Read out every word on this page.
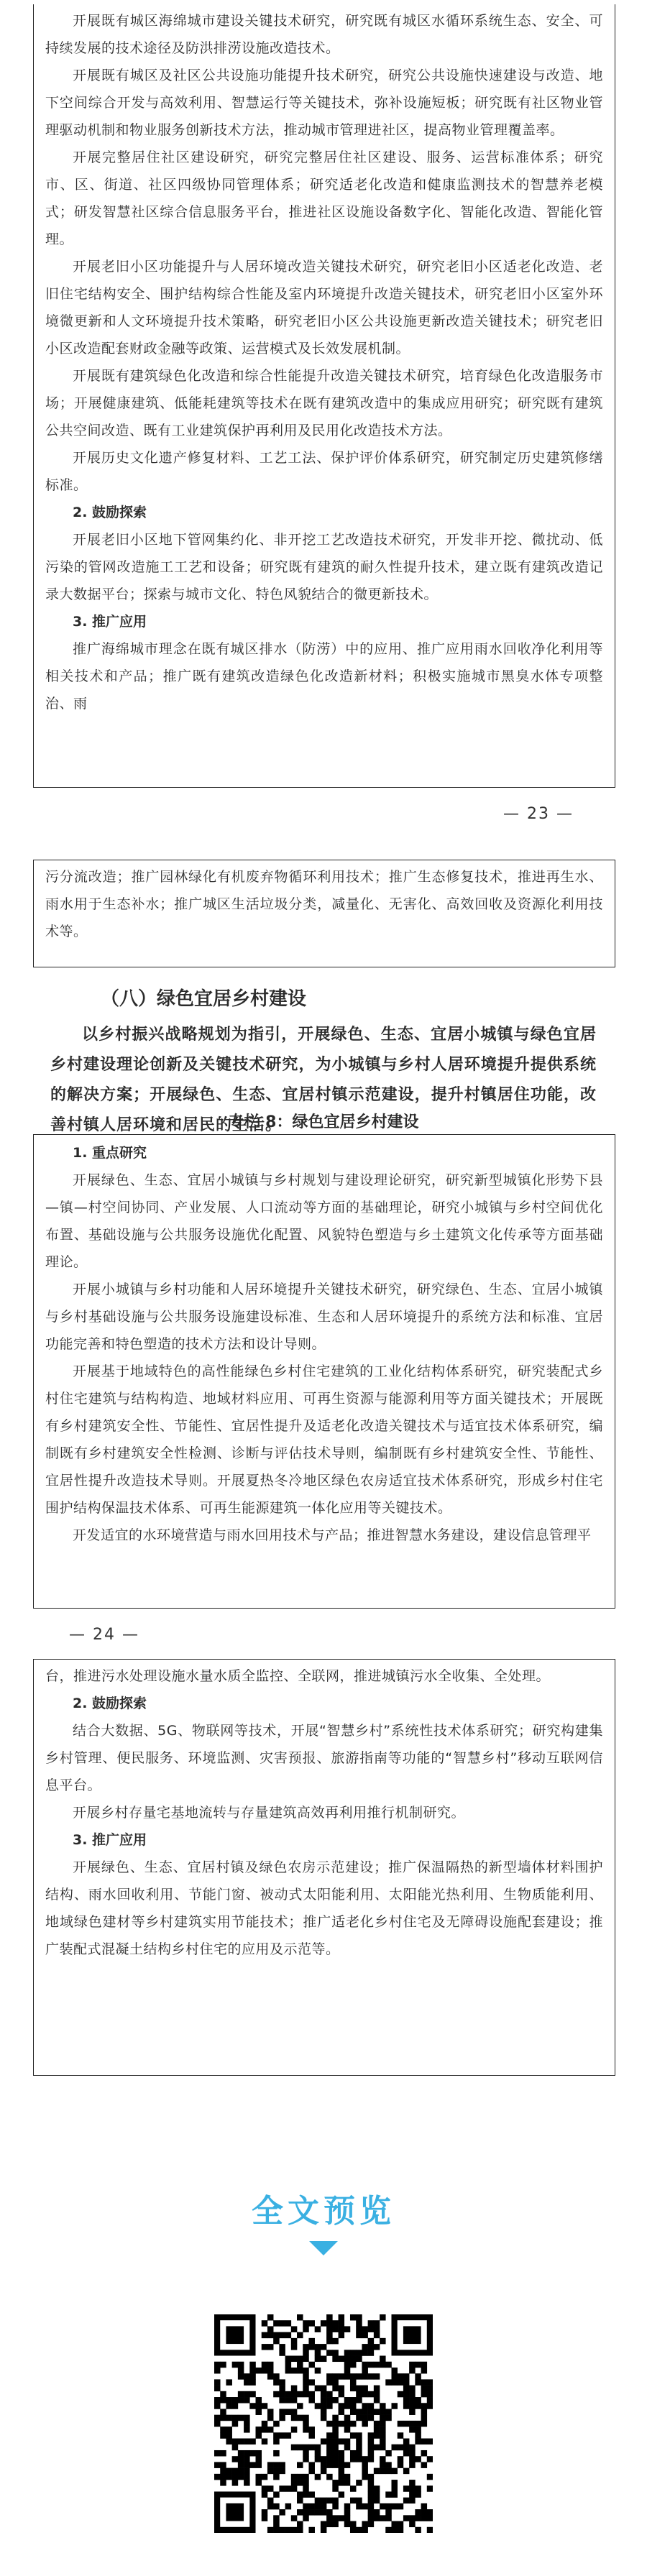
开展既有城区海绵城市建设关键技术研究，研究既有城区水循环系统生态、安全、可持续发展的技术途径及防洪排涝设施改造技术。

开展既有城区及社区公共设施功能提升技术研究，研究公共设施快速建设与改造、地下空间综合开发与高效利用、智慧运行等关键技术，弥补设施短板；研究既有社区物业管理驱动机制和物业服务创新技术方法，推动城市管理进社区，提高物业管理覆盖率。

开展完整居住社区建设研究，研究完整居住社区建设、服务、运营标准体系；研究市、区、街道、社区四级协同管理体系；研究适老化改造和健康监测技术的智慧养老模式；研发智慧社区综合信息服务平台，推进社区设施设备数字化、智能化改造、智能化管理。

开展老旧小区功能提升与人居环境改造关键技术研究，研究老旧小区适老化改造、老旧住宅结构安全、围护结构综合性能及室内环境提升改造关键技术，研究老旧小区室外环境微更新和人文环境提升技术策略，研究老旧小区公共设施更新改造关键技术；研究老旧小区改造配套财政金融等政策、运营模式及长效发展机制。

开展既有建筑绿色化改造和综合性能提升改造关键技术研究，培育绿色化改造服务市场；开展健康建筑、低能耗建筑等技术在既有建筑改造中的集成应用研究；研究既有建筑公共空间改造、既有工业建筑保护再利用及民用化改造技术方法。

开展历史文化遗产修复材料、工艺工法、保护评价体系研究，研究制定历史建筑修缮标准。

2. 鼓励探索

开展老旧小区地下管网集约化、非开挖工艺改造技术研究，开发非开挖、微扰动、低污染的管网改造施工工艺和设备；研究既有建筑的耐久性提升技术，建立既有建筑改造记录大数据平台；探索与城市文化、特色风貌结合的微更新技术。

3. 推广应用

推广海绵城市理念在既有城区排水（防涝）中的应用、推广应用雨水回收净化利用等相关技术和产品；推广既有建筑改造绿色化改造新材料；积极实施城市黑臭水体专项整治、雨

— 23 —

污分流改造；推广园林绿化有机废弃物循环利用技术；推广生态修复技术，推进再生水、雨水用于生态补水；推广城区生活垃圾分类，减量化、无害化、高效回收及资源化利用技术等。

（八）绿色宜居乡村建设

以乡村振兴战略规划为指引，开展绿色、生态、宜居小城镇与绿色宜居乡村建设理论创新及关键技术研究，为小城镇与乡村人居环境提升提供系统的解决方案；开展绿色、生态、宜居村镇示范建设，提升村镇居住功能，改善村镇人居环境和居民的生活。

专栏 8：绿色宜居乡村建设

1. 重点研究

开展绿色、生态、宜居小城镇与乡村规划与建设理论研究，研究新型城镇化形势下县—镇—村空间协同、产业发展、人口流动等方面的基础理论，研究小城镇与乡村空间优化布置、基础设施与公共服务设施优化配置、风貌特色塑造与乡土建筑文化传承等方面基础理论。

开展小城镇与乡村功能和人居环境提升关键技术研究，研究绿色、生态、宜居小城镇与乡村基础设施与公共服务设施建设标准、生态和人居环境提升的系统方法和标准、宜居功能完善和特色塑造的技术方法和设计导则。

开展基于地域特色的高性能绿色乡村住宅建筑的工业化结构体系研究，研究装配式乡村住宅建筑与结构构造、地域材料应用、可再生资源与能源利用等方面关键技术；开展既有乡村建筑安全性、节能性、宜居性提升及适老化改造关键技术与适宜技术体系研究，编制既有乡村建筑安全性检测、诊断与评估技术导则，编制既有乡村建筑安全性、节能性、宜居性提升改造技术导则。开展夏热冬冷地区绿色农房适宜技术体系研究，形成乡村住宅围护结构保温技术体系、可再生能源建筑一体化应用等关键技术。

开发适宜的水环境营造与雨水回用技术与产品；推进智慧水务建设，建设信息管理平

— 24 —

台，推进污水处理设施水量水质全监控、全联网，推进城镇污水全收集、全处理。

2. 鼓励探索

结合大数据、5G、物联网等技术，开展“智慧乡村”系统性技术体系研究；研究构建集乡村管理、便民服务、环境监测、灾害预报、旅游指南等功能的“智慧乡村”移动互联网信息平台。

开展乡村存量宅基地流转与存量建筑高效再利用推行机制研究。

3. 推广应用

开展绿色、生态、宜居村镇及绿色农房示范建设；推广保温隔热的新型墙体材料围护结构、雨水回收利用、节能门窗、被动式太阳能利用、太阳能光热利用、生物质能利用、地域绿色建材等乡村建筑实用节能技术；推广适老化乡村住宅及无障碍设施配套建设；推广装配式混凝土结构乡村住宅的应用及示范等。

全文预览
